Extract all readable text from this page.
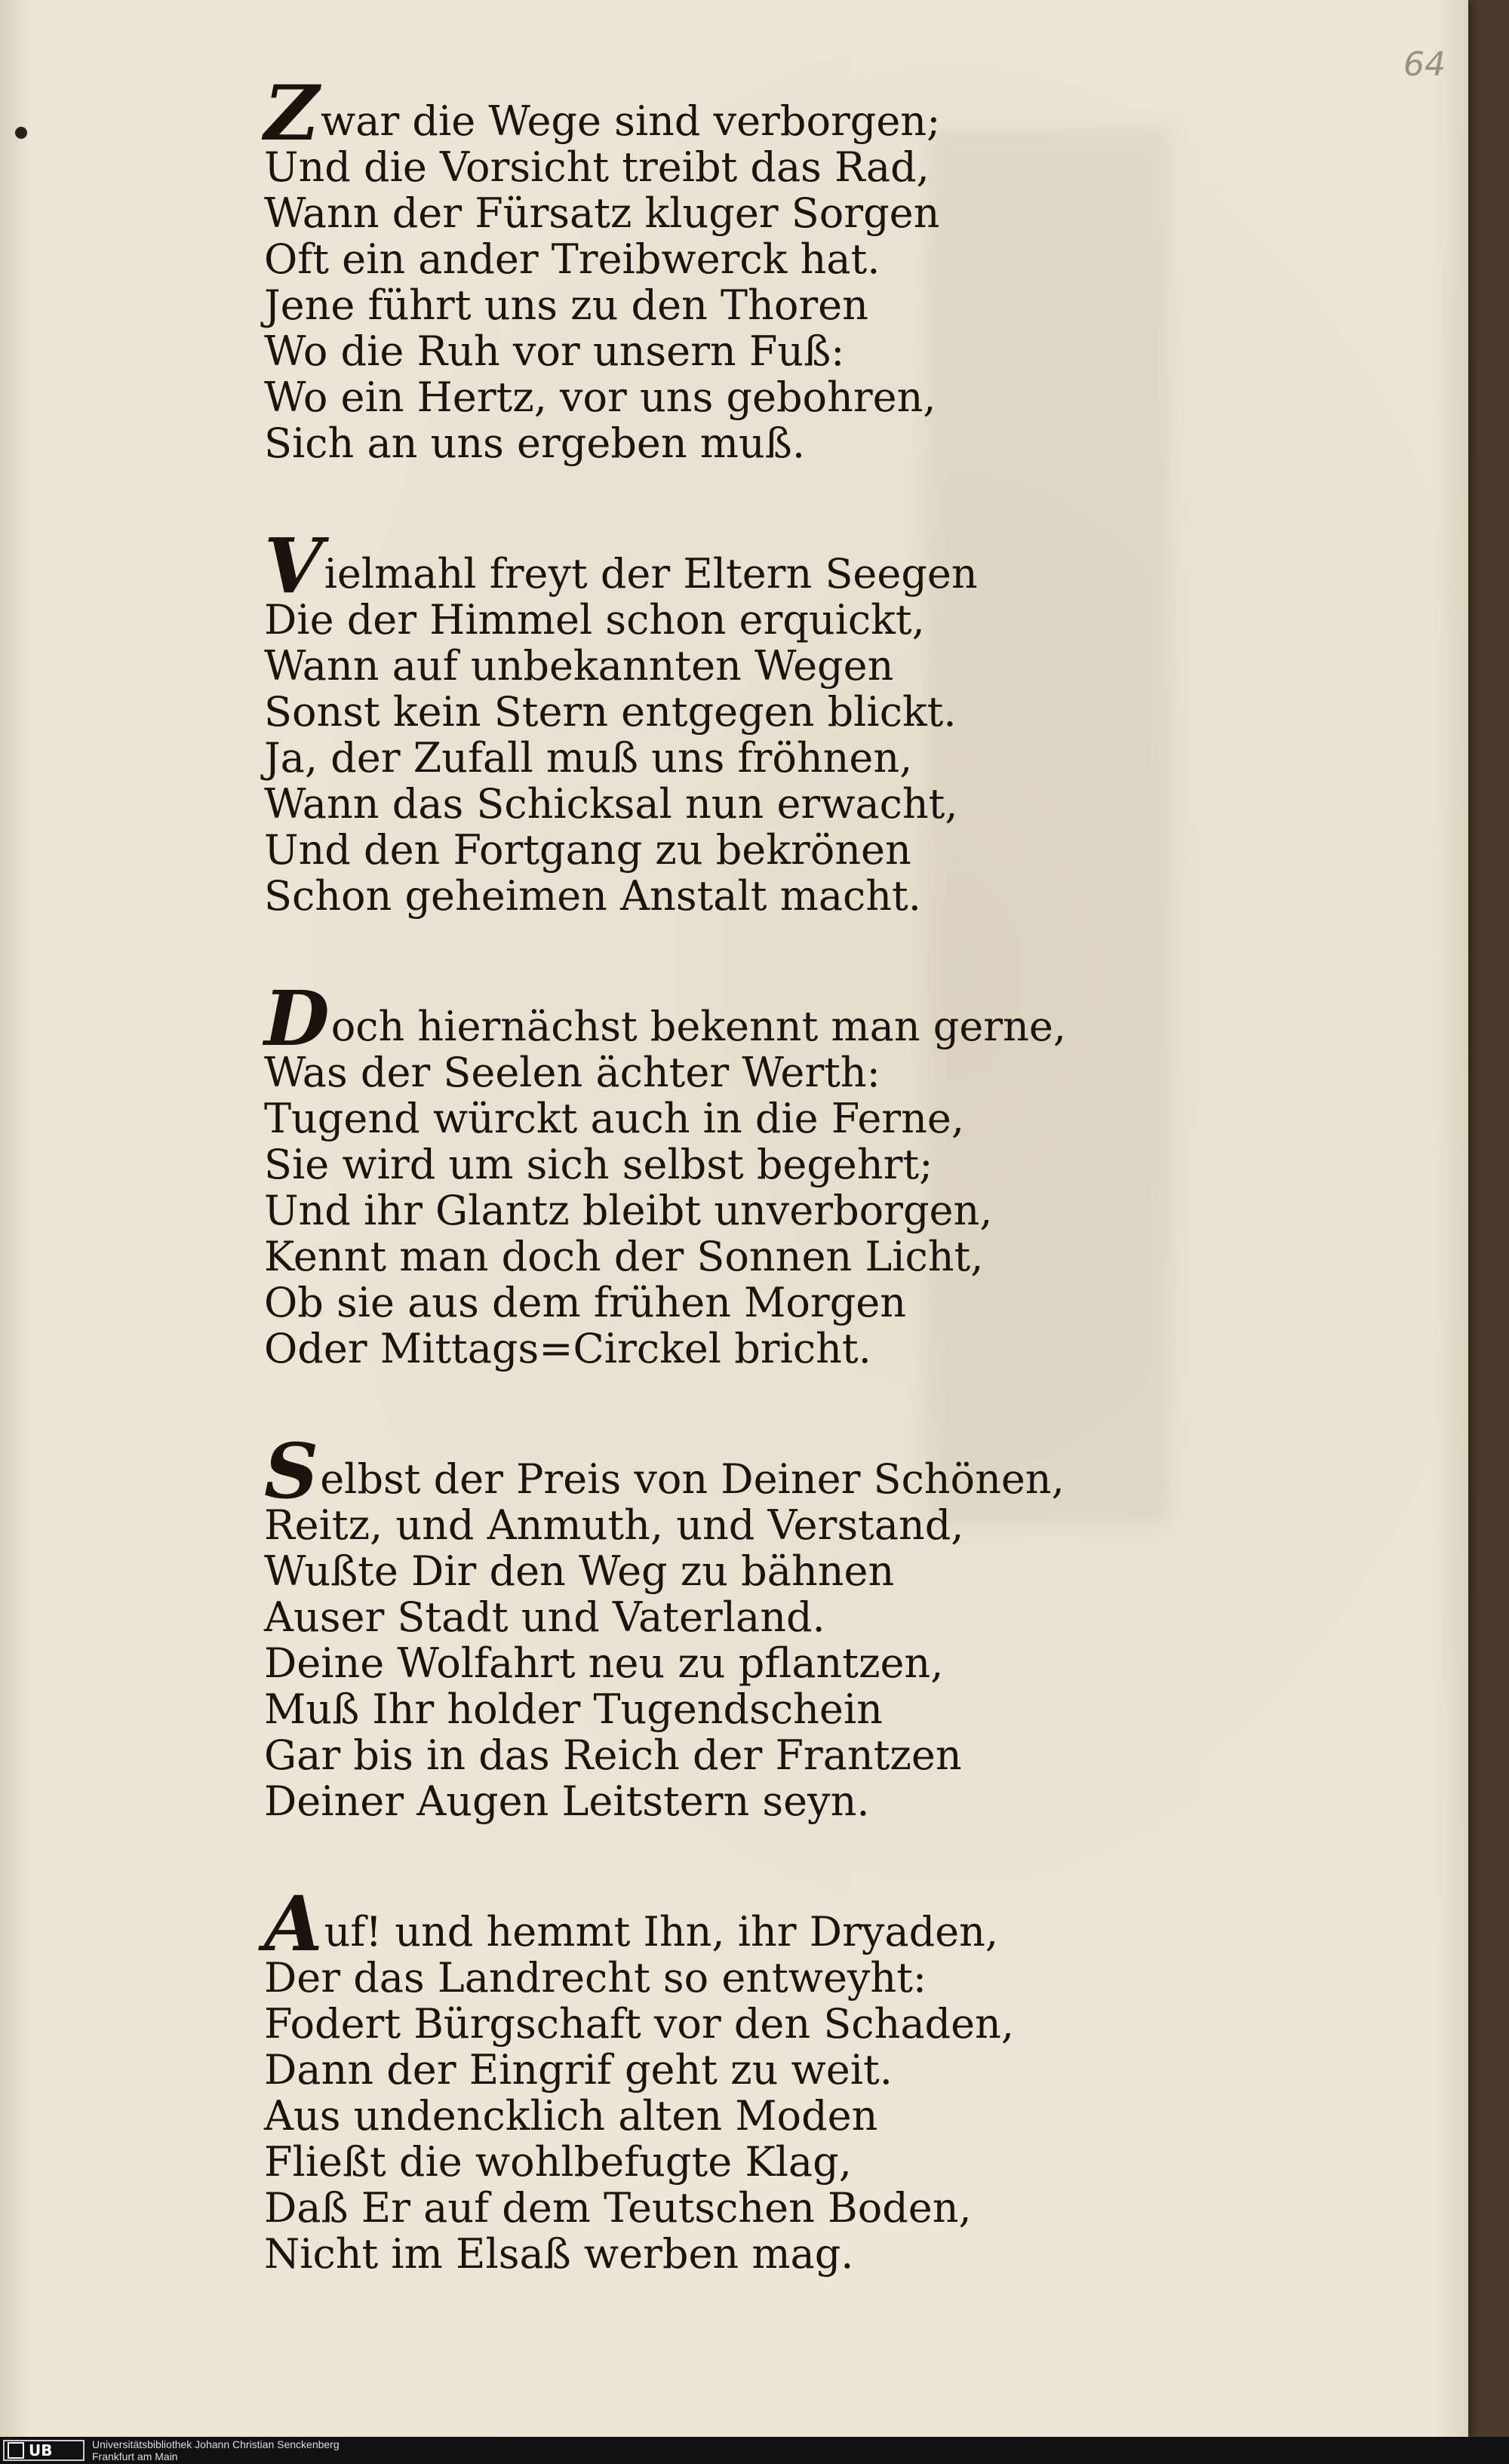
64
Zwar die Wege sind verborgen;
Und die Vorsicht treibt das Rad,
Wann der Fürsatz kluger Sorgen
Oft ein ander Treibwerck hat.
Jene führt uns zu den Thoren
Wo die Ruh vor unsern Fuß:
Wo ein Hertz, vor uns gebohren,
Sich an uns ergeben muß.
Vielmahl freyt der Eltern Seegen
Die der Himmel schon erquickt,
Wann auf unbekannten Wegen
Sonst kein Stern entgegen blickt.
Ja, der Zufall muß uns fröhnen,
Wann das Schicksal nun erwacht,
Und den Fortgang zu bekrönen
Schon geheimen Anstalt macht.
Doch hiernächst bekennt man gerne,
Was der Seelen ächter Werth:
Tugend würckt auch in die Ferne,
Sie wird um sich selbst begehrt;
Und ihr Glantz bleibt unverborgen,
Kennt man doch der Sonnen Licht,
Ob sie aus dem frühen Morgen
Oder Mittags=Circkel bricht.
Selbst der Preis von Deiner Schönen,
Reitz, und Anmuth, und Verstand,
Wußte Dir den Weg zu bähnen
Auser Stadt und Vaterland.
Deine Wolfahrt neu zu pflantzen,
Muß Ihr holder Tugendschein
Gar bis in das Reich der Frantzen
Deiner Augen Leitstern seyn.
Auf! und hemmt Ihn, ihr Dryaden,
Der das Landrecht so entweyht:
Fodert Bürgschaft vor den Schaden,
Dann der Eingrif geht zu weit.
Aus undencklich alten Moden
Fließt die wohlbefugte Klag,
Daß Er auf dem Teutschen Boden,
Nicht im Elsaß werben mag.
UB	Universitätsbibliothek Johann Christian Senckenberg
Frankfurt am Main
